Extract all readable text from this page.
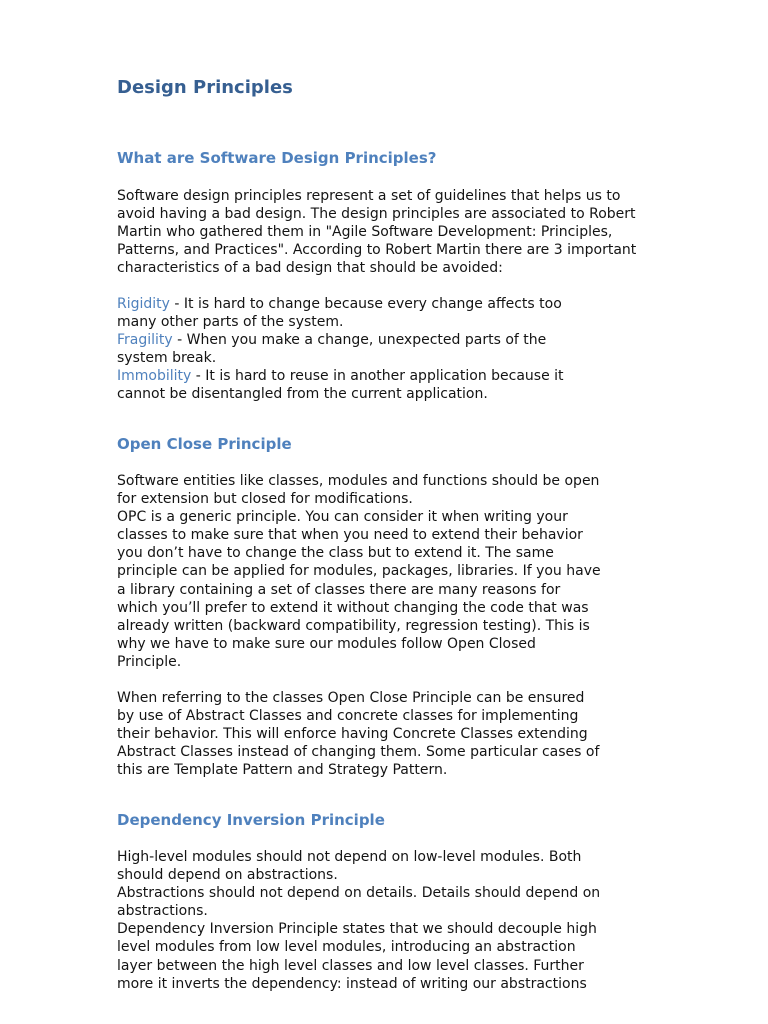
Design Principles
What are Software Design Principles?
Software design principles represent a set of guidelines that helps us to
avoid having a bad design. The design principles are associated to Robert
Martin who gathered them in "Agile Software Development: Principles,
Patterns, and Practices". According to Robert Martin there are 3 important
characteristics of a bad design that should be avoided:
Rigidity - It is hard to change because every change affects too
many other parts of the system.
Fragility - When you make a change, unexpected parts of the
system break.
Immobility - It is hard to reuse in another application because it
cannot be disentangled from the current application.
Open Close Principle
Software entities like classes, modules and functions should be open
for extension but closed for modifications.
OPC is a generic principle. You can consider it when writing your
classes to make sure that when you need to extend their behavior
you don’t have to change the class but to extend it. The same
principle can be applied for modules, packages, libraries. If you have
a library containing a set of classes there are many reasons for
which you’ll prefer to extend it without changing the code that was
already written (backward compatibility, regression testing). This is
why we have to make sure our modules follow Open Closed
Principle.
When referring to the classes Open Close Principle can be ensured
by use of Abstract Classes and concrete classes for implementing
their behavior. This will enforce having Concrete Classes extending
Abstract Classes instead of changing them. Some particular cases of
this are Template Pattern and Strategy Pattern.
Dependency Inversion Principle
High-level modules should not depend on low-level modules. Both
should depend on abstractions.
Abstractions should not depend on details. Details should depend on
abstractions.
Dependency Inversion Principle states that we should decouple high
level modules from low level modules, introducing an abstraction
layer between the high level classes and low level classes. Further
more it inverts the dependency: instead of writing our abstractions
